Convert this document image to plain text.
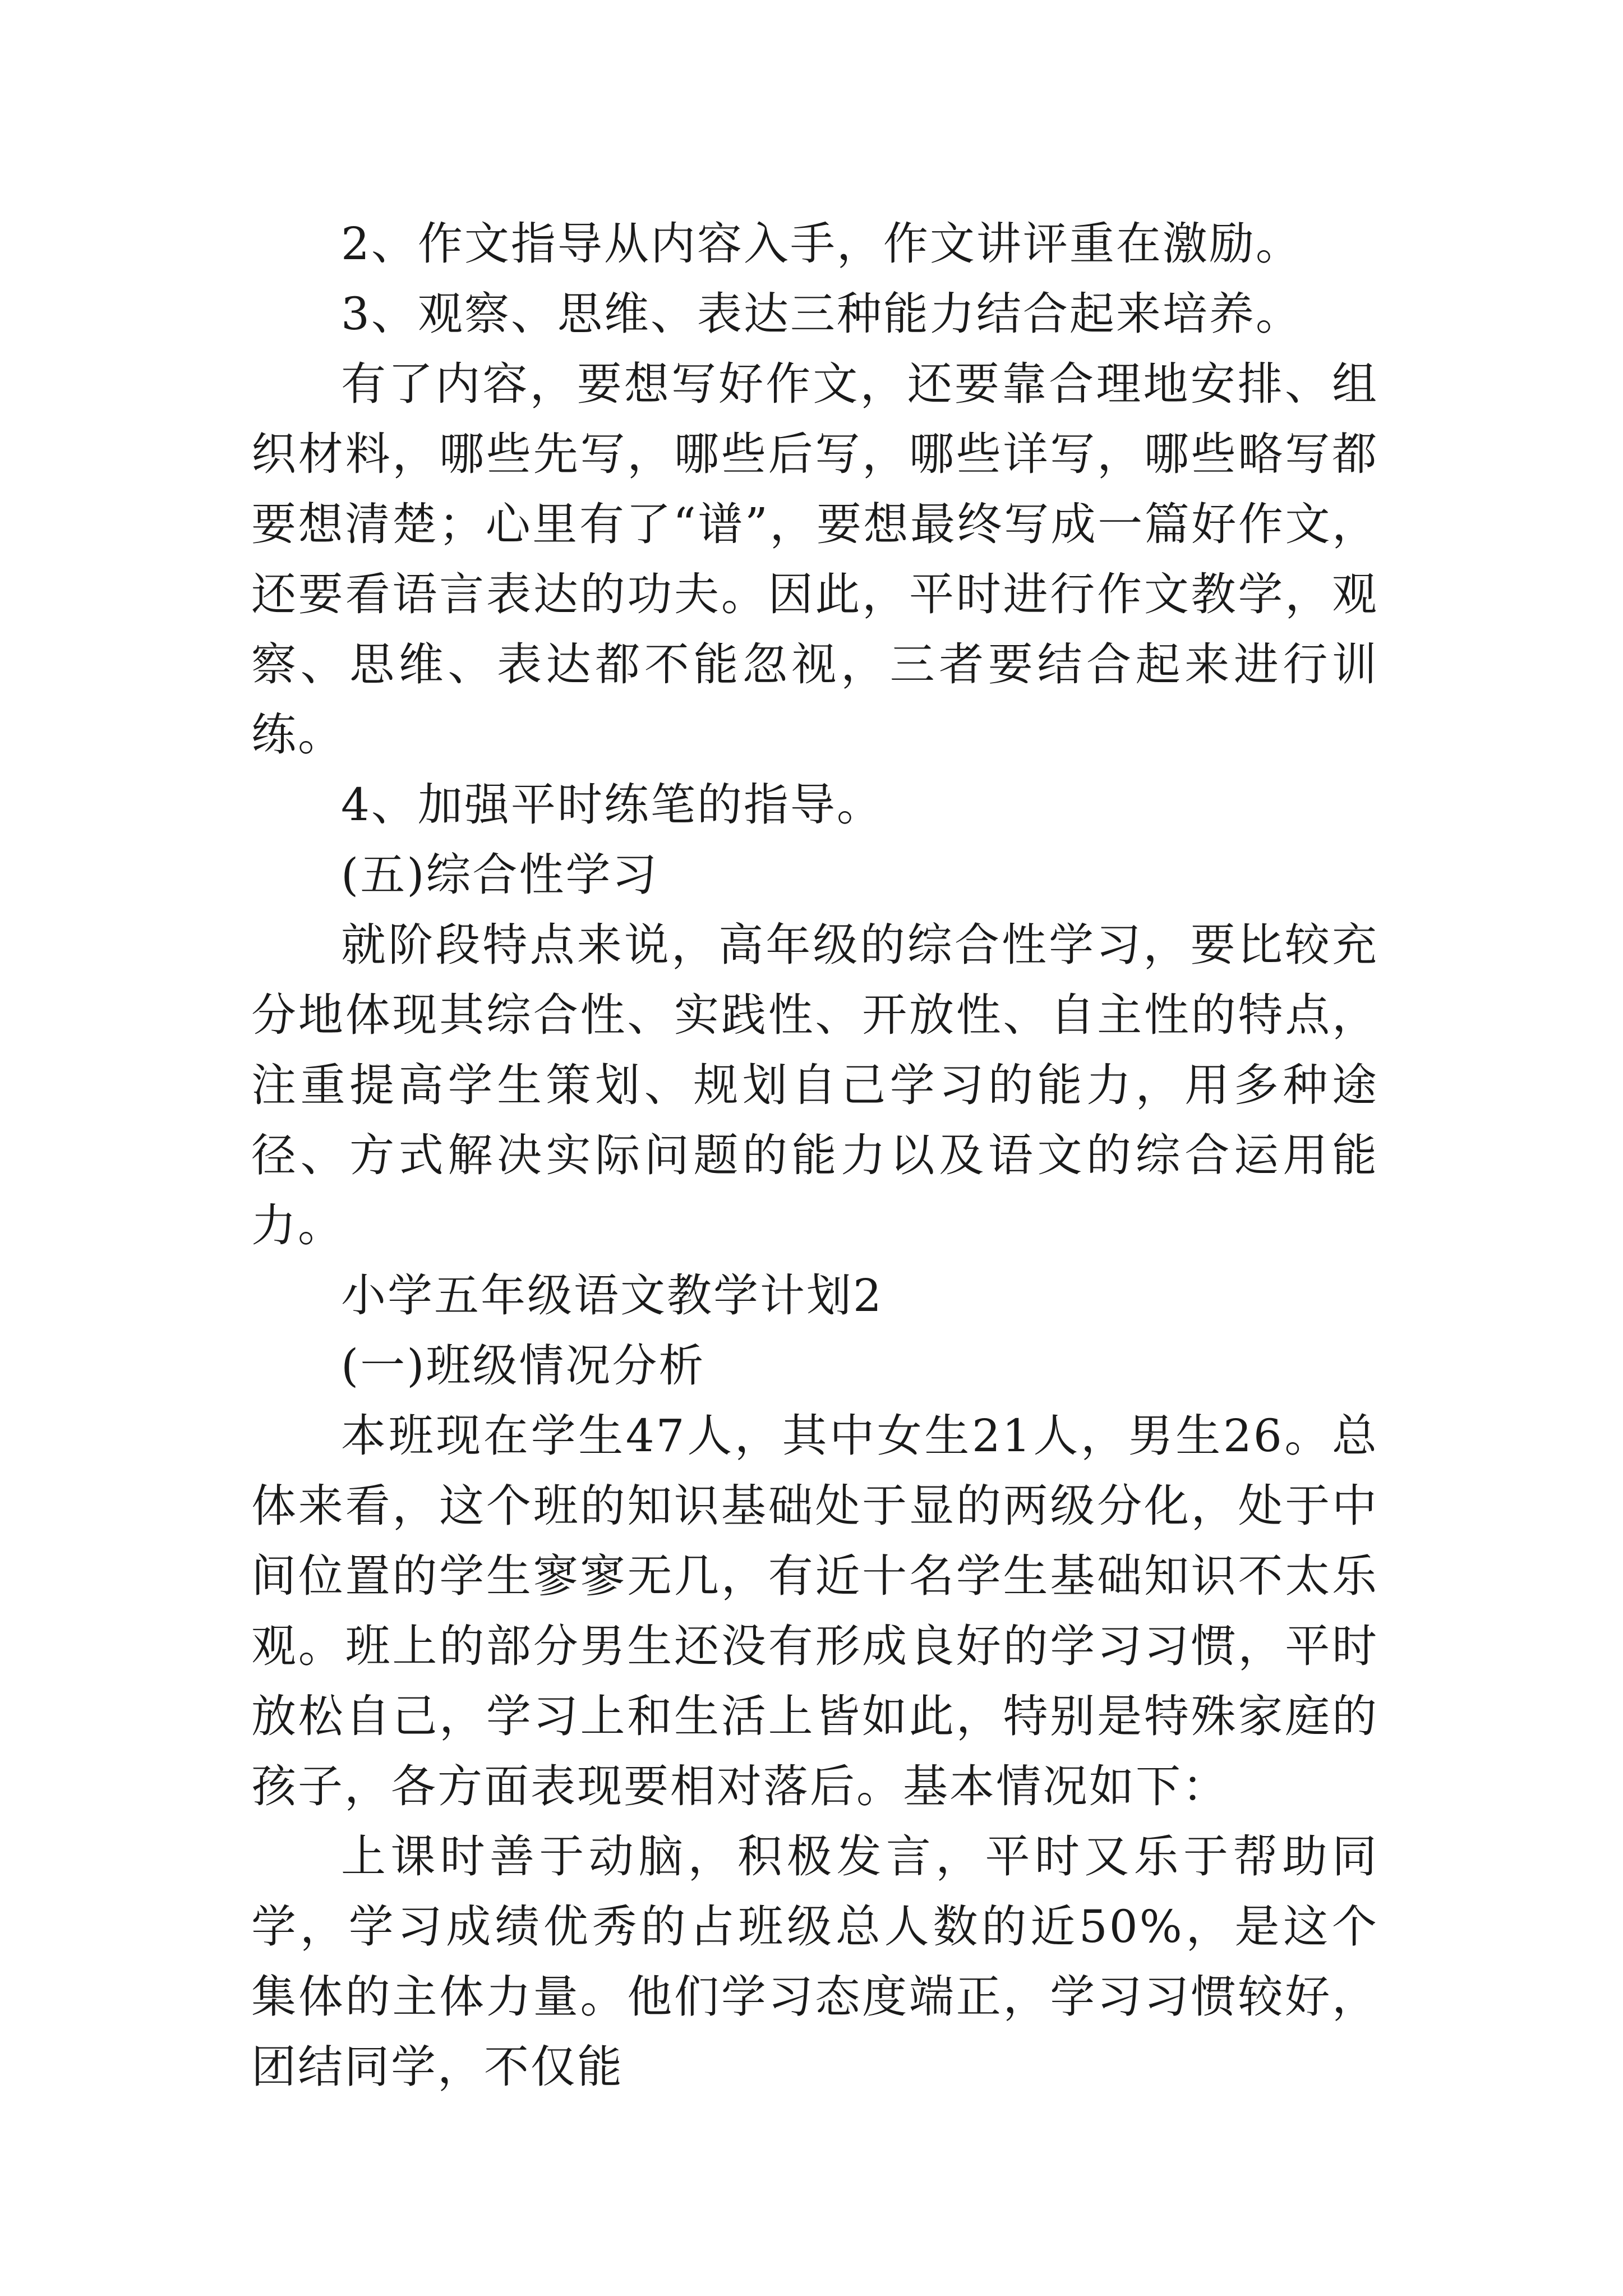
2、作文指导从内容入手，作文讲评重在激励。

3、观察、思维、表达三种能力结合起来培养。

有了内容，要想写好作文，还要靠合理地安排、组织材料，哪些先写，哪些后写，哪些详写，哪些略写都要想清楚；心里有了“谱”，要想最终写成一篇好作文，还要看语言表达的功夫。因此，平时进行作文教学，观察、思维、表达都不能忽视，三者要结合起来进行训练。

4、加强平时练笔的指导。

(五)综合性学习

就阶段特点来说，高年级的综合性学习，要比较充分地体现其综合性、实践性、开放性、自主性的特点，注重提高学生策划、规划自己学习的能力，用多种途径、方式解决实际问题的能力以及语文的综合运用能力。

小学五年级语文教学计划2

(一)班级情况分析

本班现在学生47人，其中女生21人，男生26。总体来看，这个班的知识基础处于显的两级分化，处于中间位置的学生寥寥无几，有近十名学生基础知识不太乐观。班上的部分男生还没有形成良好的学习习惯，平时放松自己，学习上和生活上皆如此，特别是特殊家庭的孩子，各方面表现要相对落后。基本情况如下：

上课时善于动脑，积极发言，平时又乐于帮助同学，学习成绩优秀的占班级总人数的近50%，是这个集体的主体力量。他们学习态度端正，学习习惯较好，团结同学，不仅能
